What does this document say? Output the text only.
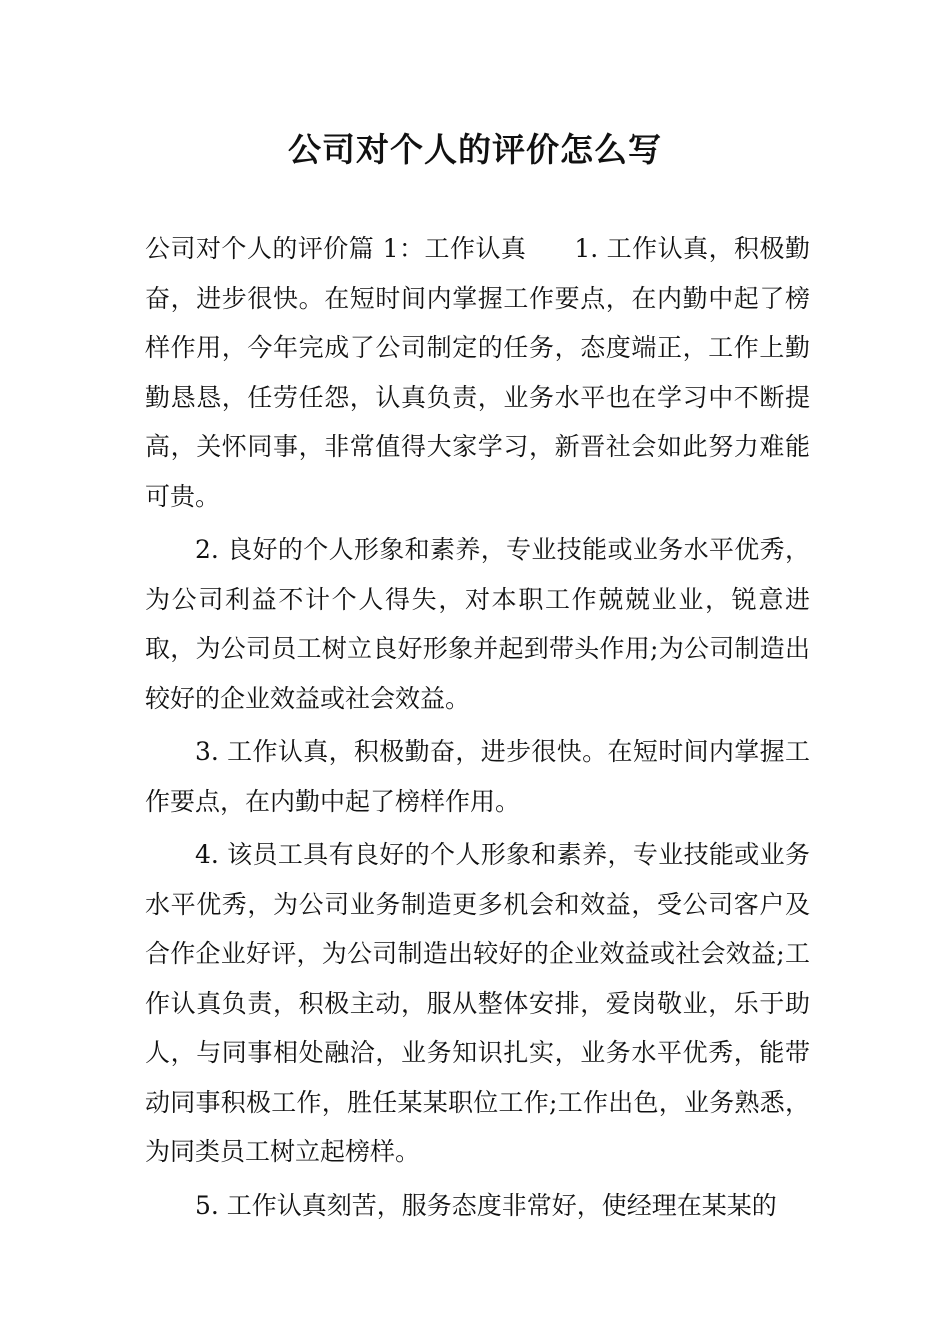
公司对个人的评价怎么写

公司对个人的评价篇 1：工作认真 1. 工作认真，积极勤奋，进步很快。在短时间内掌握工作要点，在内勤中起了榜样作用，今年完成了公司制定的任务，态度端正，工作上勤勤恳恳，任劳任怨，认真负责，业务水平也在学习中不断提高，关怀同事，非常值得大家学习，新晋社会如此努力难能可贵。

2. 良好的个人形象和素养，专业技能或业务水平优秀，为公司利益不计个人得失，对本职工作兢兢业业，锐意进取，为公司员工树立良好形象并起到带头作用;为公司制造出较好的企业效益或社会效益。

3. 工作认真，积极勤奋，进步很快。在短时间内掌握工作要点，在内勤中起了榜样作用。

4. 该员工具有良好的个人形象和素养，专业技能或业务水平优秀，为公司业务制造更多机会和效益，受公司客户及合作企业好评，为公司制造出较好的企业效益或社会效益;工作认真负责，积极主动，服从整体安排，爱岗敬业，乐于助人，与同事相处融洽，业务知识扎实，业务水平优秀，能带动同事积极工作，胜任某某职位工作;工作出色，业务熟悉，为同类员工树立起榜样。

5. 工作认真刻苦，服务态度非常好，使经理在某某的
